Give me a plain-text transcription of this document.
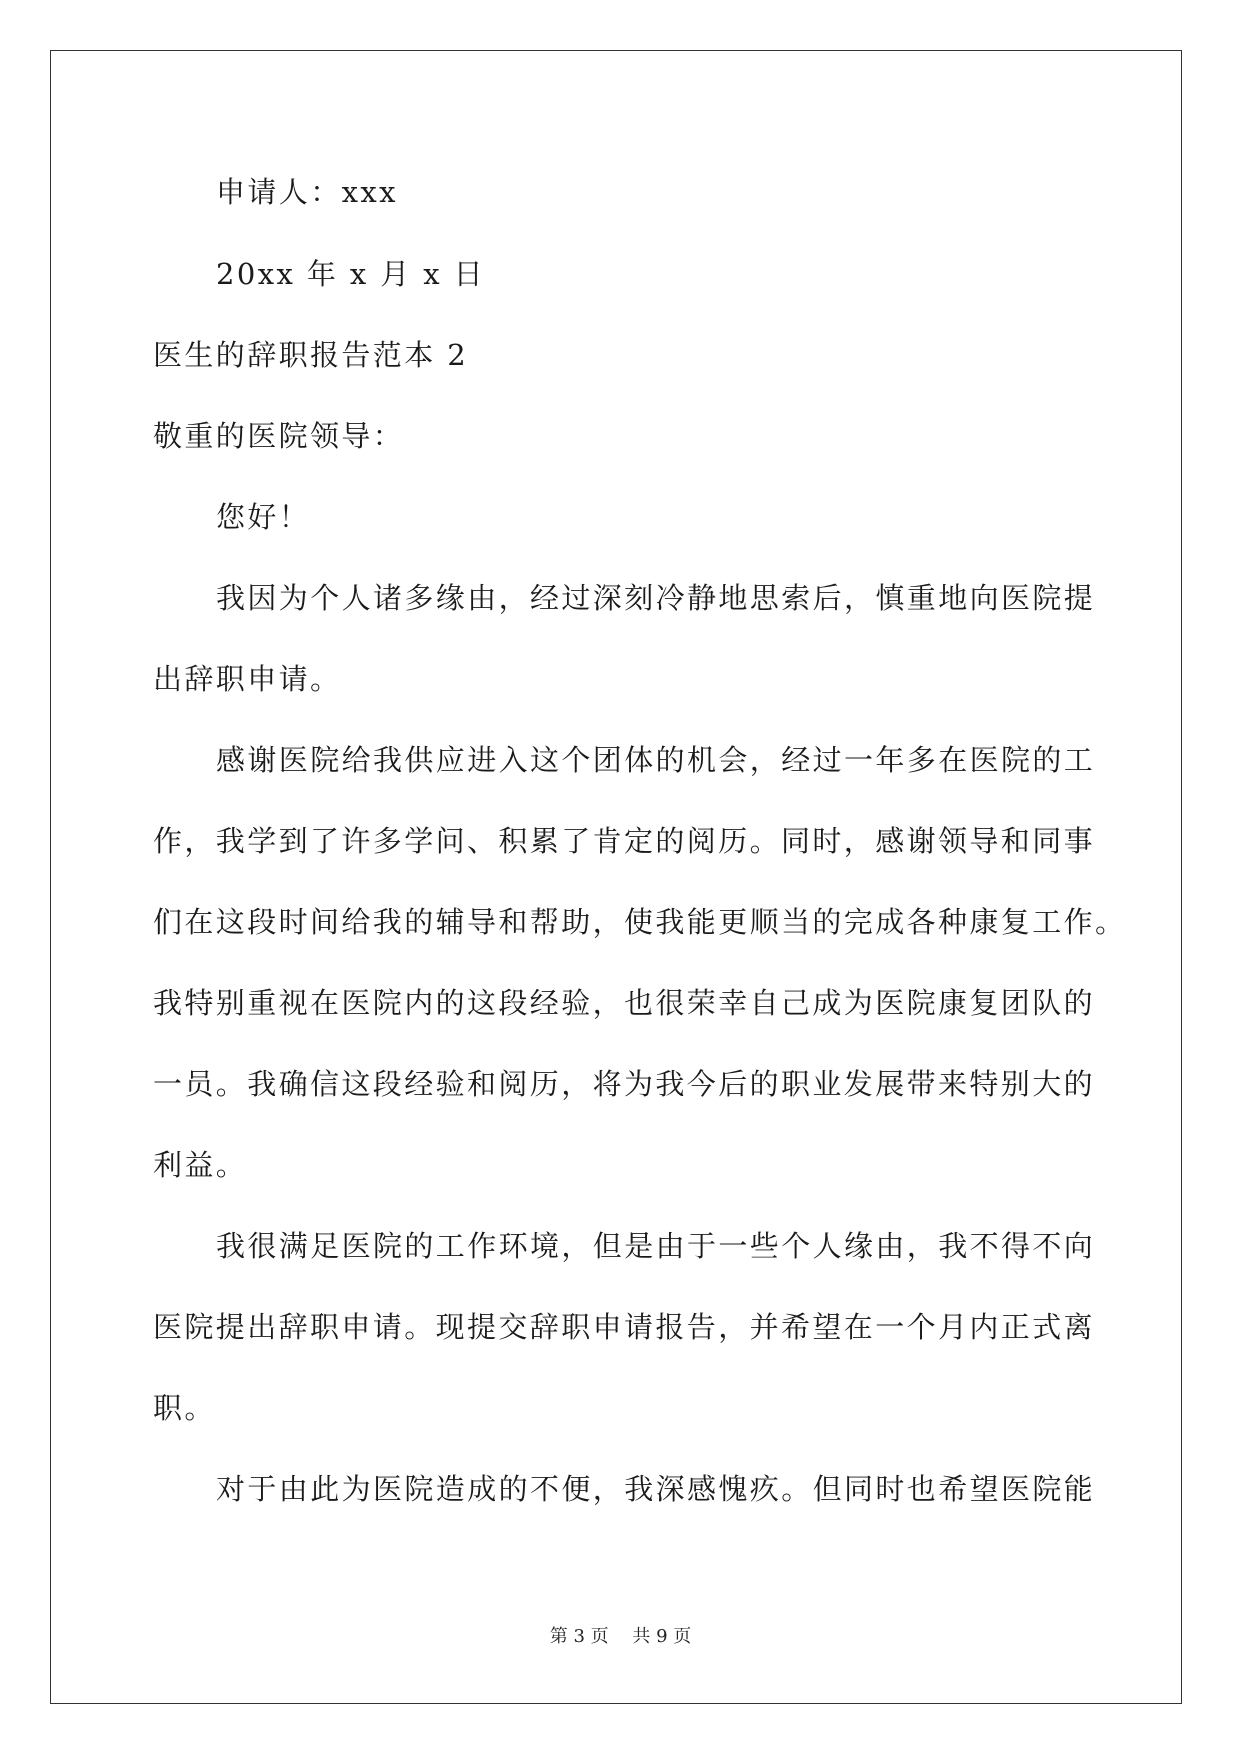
申请人：xxx
20xx 年 x 月 x 日
医生的辞职报告范本 2
敬重的医院领导：
您好！
我因为个人诸多缘由，经过深刻冷静地思索后，慎重地向医院提
出辞职申请。
感谢医院给我供应进入这个团体的机会，经过一年多在医院的工
作，我学到了许多学问、积累了肯定的阅历。同时，感谢领导和同事
们在这段时间给我的辅导和帮助，使我能更顺当的完成各种康复工作。
我特别重视在医院内的这段经验，也很荣幸自己成为医院康复团队的
一员。我确信这段经验和阅历，将为我今后的职业发展带来特别大的
利益。
我很满足医院的工作环境，但是由于一些个人缘由，我不得不向
医院提出辞职申请。现提交辞职申请报告，并希望在一个月内正式离
职。
对于由此为医院造成的不便，我深感愧疚。但同时也希望医院能
第 3 页　 共 9 页
